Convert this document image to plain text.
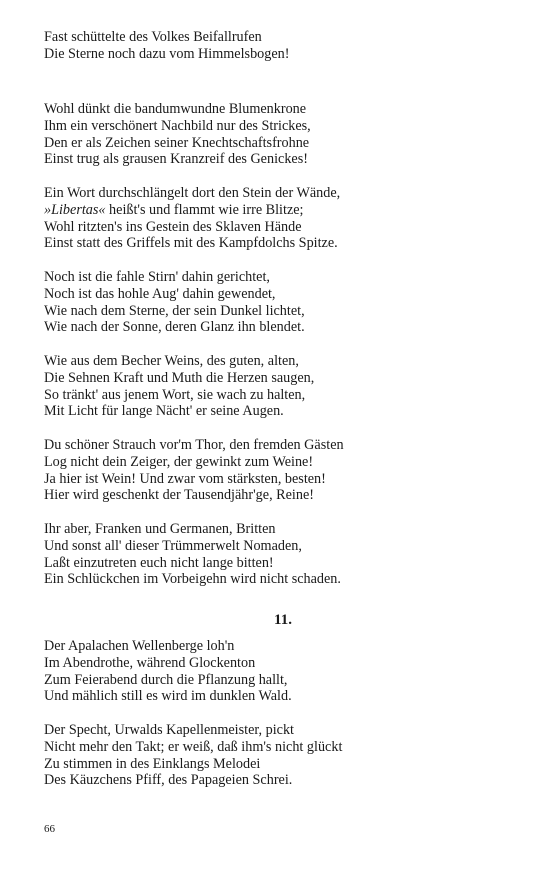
Fast schüttelte des Volkes Beifallrufen
Die Sterne noch dazu vom Himmelsbogen!
Wohl dünkt die bandumwundne Blumenkrone
Ihm ein verschönert Nachbild nur des Strickes,
Den er als Zeichen seiner Knechtschaftsfrohne
Einst trug als grausen Kranzreif des Genickes!
Ein Wort durchschlängelt dort den Stein der Wände,
»Libertas« heißt's und flammt wie irre Blitze;
Wohl ritzten's ins Gestein des Sklaven Hände
Einst statt des Griffels mit des Kampfdolchs Spitze.
Noch ist die fahle Stirn' dahin gerichtet,
Noch ist das hohle Aug' dahin gewendet,
Wie nach dem Sterne, der sein Dunkel lichtet,
Wie nach der Sonne, deren Glanz ihn blendet.
Wie aus dem Becher Weins, des guten, alten,
Die Sehnen Kraft und Muth die Herzen saugen,
So tränkt' aus jenem Wort, sie wach zu halten,
Mit Licht für lange Nächt' er seine Augen.
Du schöner Strauch vor'm Thor, den fremden Gästen
Log nicht dein Zeiger, der gewinkt zum Weine!
Ja hier ist Wein! Und zwar vom stärksten, besten!
Hier wird geschenkt der Tausendjähr'ge, Reine!
Ihr aber, Franken und Germanen, Britten
Und sonst all' dieser Trümmerwelt Nomaden,
Laßt einzutreten euch nicht lange bitten!
Ein Schlückchen im Vorbeigehn wird nicht schaden.
11.
Der Apalachen Wellenberge loh'n
Im Abendrothe, während Glockenton
Zum Feierabend durch die Pflanzung hallt,
Und mählich still es wird im dunklen Wald.
Der Specht, Urwalds Kapellenmeister, pickt
Nicht mehr den Takt; er weiß, daß ihm's nicht glückt
Zu stimmen in des Einklangs Melodei
Des Käuzchens Pfiff, des Papageien Schrei.
66
